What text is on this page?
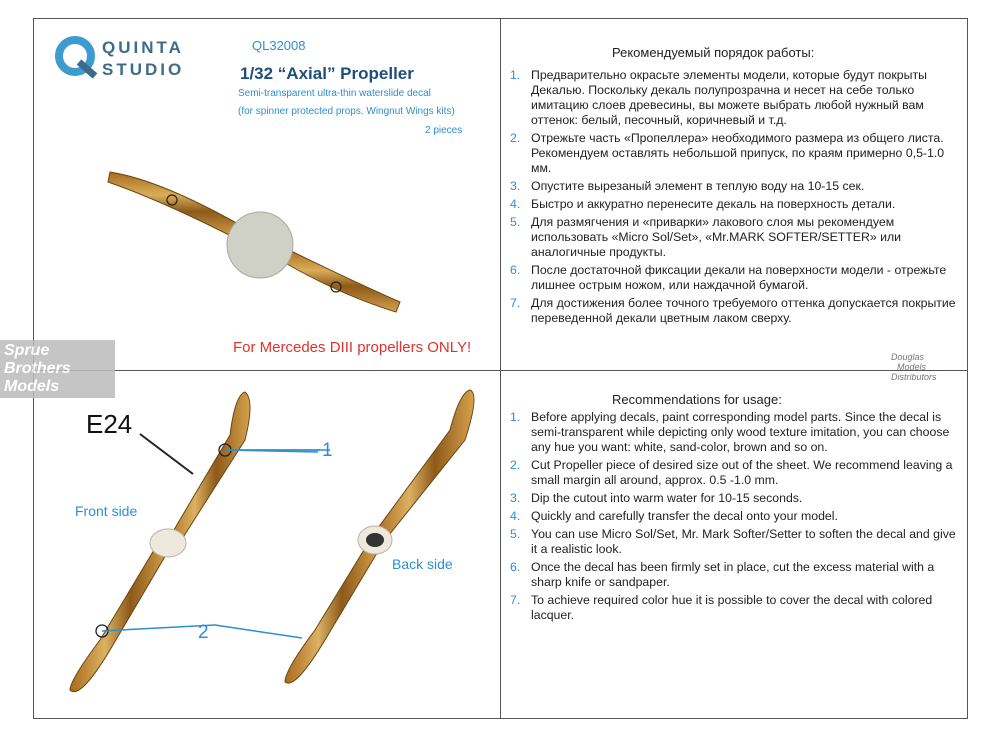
QUINTA
STUDIO
QL32008
1/32 “Axial” Propeller
Semi-transparent ultra-thin waterslide decal
(for spinner protected props. Wingnut Wings kits)
2 pieces
For Mercedes DIII propellers ONLY!
Sprue
Brothers
Models
Douglas
Models
Distributors
Рекомендуемый порядок работы:
1. Предварительно окрасьте элементы модели, которые будут покрыты Декалью. Поскольку декаль полупрозрачна и несет на себе только имитацию слоев древесины, вы можете выбрать любой нужный вам оттенок: белый, песочный, коричневый и т.д.
2. Отрежьте часть «Пропеллера» необходимого размера из общего листа. Рекомендуем оставлять небольшой припуск, по краям примерно 0,5-1.0 мм.
3. Опустите вырезаный элемент в теплую воду на 10-15 сек.
4. Быстро и аккуратно перенесите декаль на поверхность детали.
5. Для размягчения и «приварки» лакового слоя мы рекомендуем использовать «Micro Sol/Set», «Mr.MARK SOFTER/SETTER» или аналогичные продукты.
6. После достаточной фиксации декали на поверхности модели - отрежьте лишнее острым ножом, или наждачной бумагой.
7. Для достижения более точного требуемого оттенка допускается покрытие переведенной декали цветным лаком сверху.
Recommendations for usage:
1. Before applying decals, paint corresponding model parts. Since the decal is semi-transparent while depicting only wood texture imitation, you can choose any hue you want: white, sand-color, brown and so on.
2. Cut Propeller piece of desired size out of the sheet. We recommend leaving a small margin all around, approx. 0.5 -1.0 mm.
3. Dip the cutout into warm water for 10-15 seconds.
4. Quickly and carefully transfer the decal onto your model.
5. You can use Micro Sol/Set, Mr. Mark Softer/Setter to soften the decal and give it a realistic look.
6. Once the decal has been firmly set in place, cut the excess material with a sharp knife or sandpaper.
7. To achieve required color hue it is possible to cover the decal with colored lacquer.
E24
Front side
Back side
1
2
